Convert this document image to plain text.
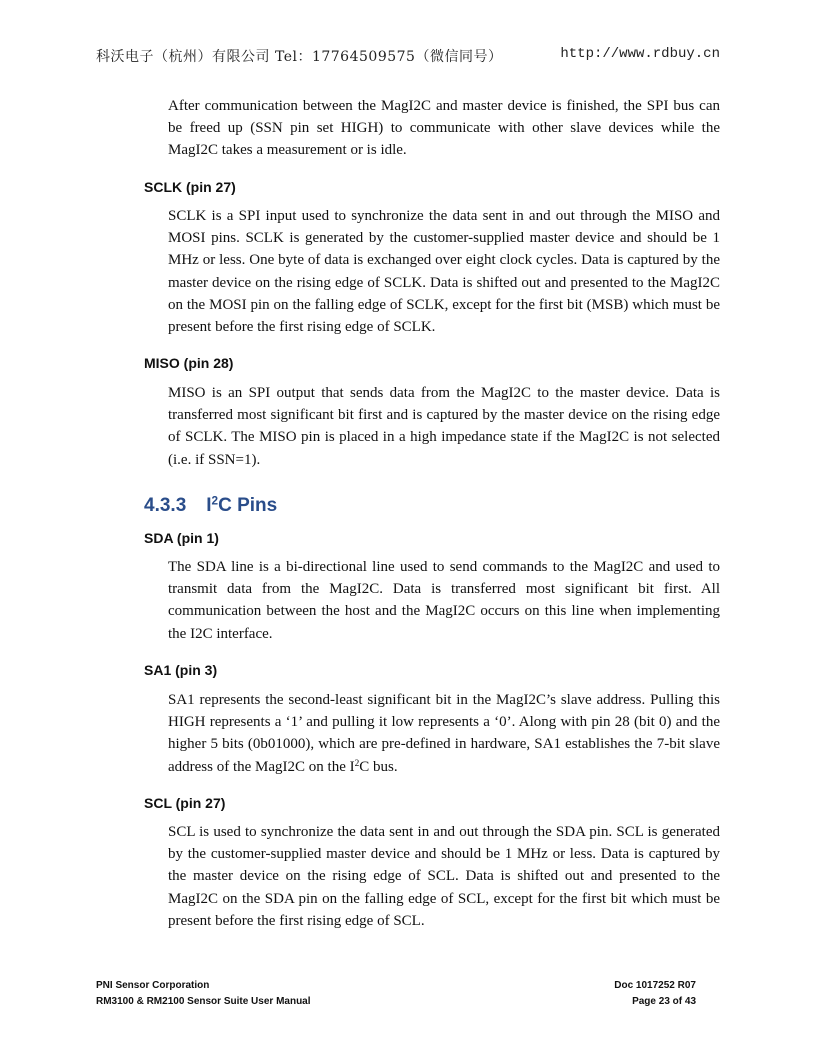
科沃电子（杭州）有限公司 Tel：17764509575（微信同号）	http://www.rdbuy.cn

After communication between the MagI2C and master device is finished, the SPI bus can be freed up (SSN pin set HIGH) to communicate with other slave devices while the MagI2C takes a measurement or is idle.

SCLK (pin 27)

SCLK is a SPI input used to synchronize the data sent in and out through the MISO and MOSI pins. SCLK is generated by the customer-supplied master device and should be 1 MHz or less. One byte of data is exchanged over eight clock cycles. Data is captured by the master device on the rising edge of SCLK. Data is shifted out and presented to the MagI2C on the MOSI pin on the falling edge of SCLK, except for the first bit (MSB) which must be present before the first rising edge of SCLK.

MISO (pin 28)

MISO is an SPI output that sends data from the MagI2C to the master device. Data is transferred most significant bit first and is captured by the master device on the rising edge of SCLK. The MISO pin is placed in a high impedance state if the MagI2C is not selected (i.e. if SSN=1).

4.3.3 $I^2C$ Pins
SDA (pin 1)

The SDA line is a bi-directional line used to send commands to the MagI2C and used to transmit data from the MagI2C. Data is transferred most significant bit first. All communication between the host and the MagI2C occurs on this line when implementing the I2C interface.

SA1 (pin 3)

SA1 represents the second-least significant bit in the MagI2C’s slave address. Pulling this HIGH represents a ‘1’ and pulling it low represents a ‘0’. Along with pin 28 (bit 0) and the higher 5 bits (0b01000), which are pre-defined in hardware, SA1 establishes the 7-bit slave address of the MagI2C on the $I^2C$ bus.

SCL (pin 27)

SCL is used to synchronize the data sent in and out through the SDA pin. SCL is generated by the customer-supplied master device and should be 1 MHz or less. Data is captured by the master device on the rising edge of SCL. Data is shifted out and presented to the MagI2C on the SDA pin on the falling edge of SCL, except for the first bit which must be present before the first rising edge of SCL.

PNI Sensor Corporation	Doc 1017252 R07
RM3100 & RM2100 Sensor Suite User Manual	Page 23 of 43
